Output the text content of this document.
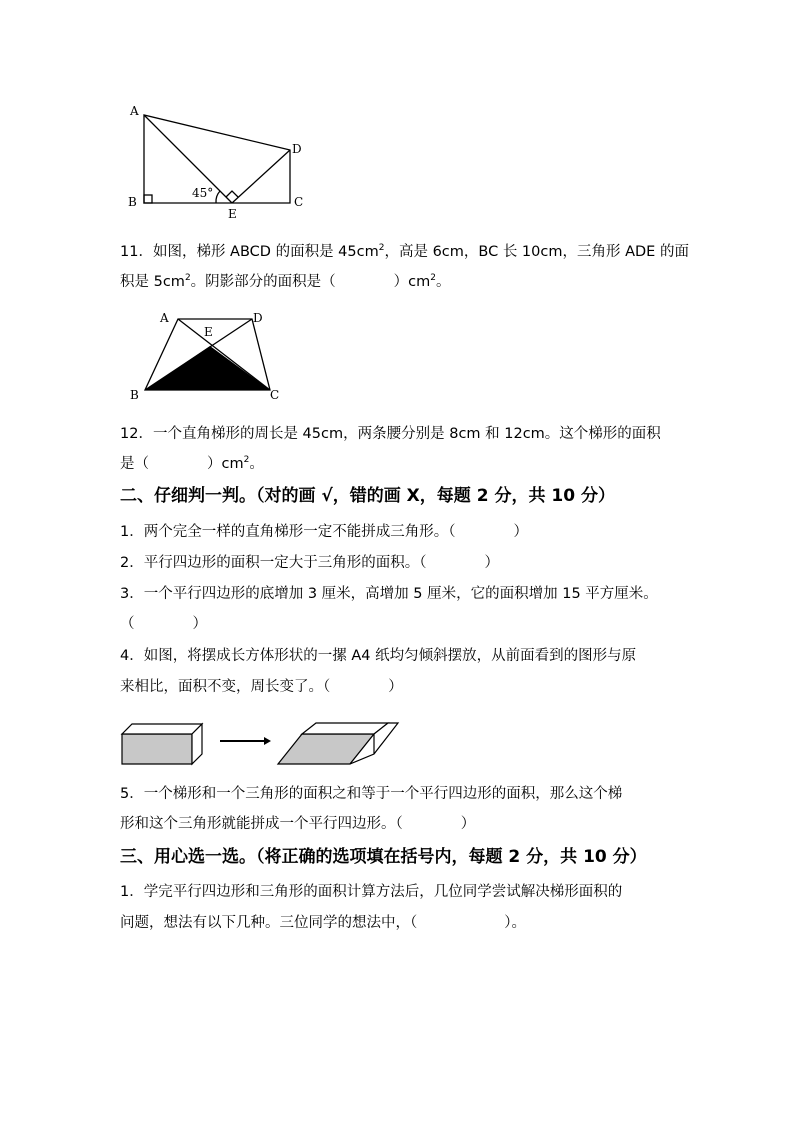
A
B	C
D
E
45°
11．如图，梯形 ABCD 的面积是 $45cm^2$，高是 6cm，BC 长 10cm，三角形 ADE 的面
积是 $5cm^2$。阴影部分的面积是（　　　　）$cm^2$。
A	D
E
B	C
12．一个直角梯形的周长是 45cm，两条腰分别是 8cm 和 12cm。这个梯形的面积
是（　　　　）$cm^2$。
二、仔细判一判。（对的画 √，错的画 X，每题 2 分，共 10 分）
1．两个完全一样的直角梯形一定不能拼成三角形。（　　　　）
2．平行四边形的面积一定大于三角形的面积。（　　　　）
3．一个平行四边形的底增加 3 厘米，高增加 5 厘米，它的面积增加 15 平方厘米。
（　　　　）
4．如图，将摆成长方体形状的一摞 A4 纸均匀倾斜摆放，从前面看到的图形与原
来相比，面积不变，周长变了。（　　　　）
5．一个梯形和一个三角形的面积之和等于一个平行四边形的面积，那么这个梯
形和这个三角形就能拼成一个平行四边形。（　　　　）
三、用心选一选。（将正确的选项填在括号内，每题 2 分，共 10 分）
1．学完平行四边形和三角形的面积计算方法后，几位同学尝试解决梯形面积的
问题，想法有以下几种。三位同学的想法中，（　　　　　　）。
